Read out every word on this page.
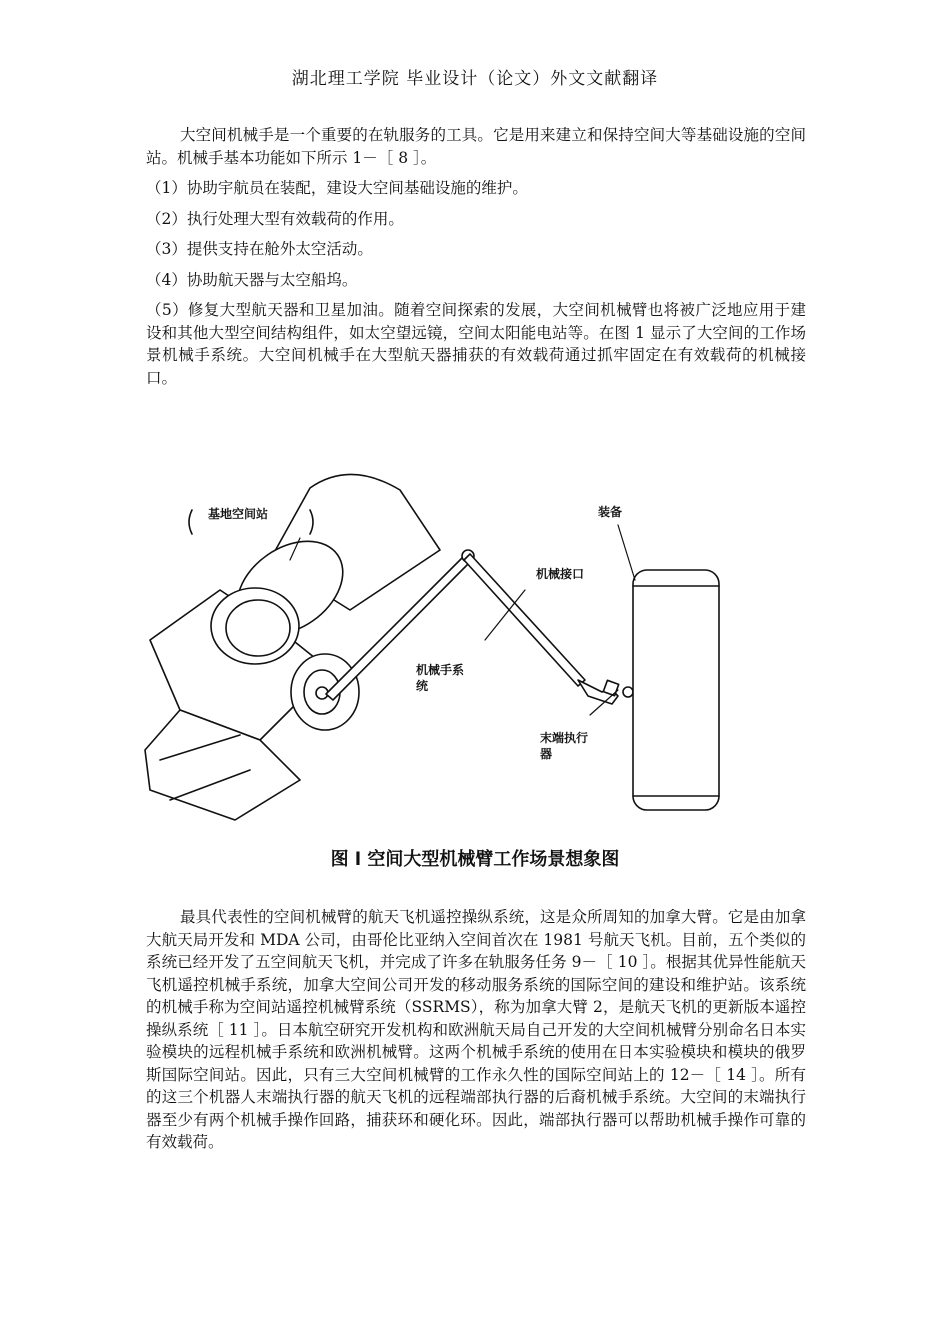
湖北理工学院 毕业设计（论文）外文文献翻译

大空间机械手是一个重要的在轨服务的工具。它是用来建立和保持空间大等基础设施的空间站。机械手基本功能如下所示 1－［ 8 ］。

（1）协助宇航员在装配，建设大空间基础设施的维护。

（2）执行处理大型有效载荷的作用。

（3）提供支持在舱外太空活动。

（4）协助航天器与太空船坞。

（5）修复大型航天器和卫星加油。随着空间探索的发展，大空间机械臂也将被广泛地应用于建设和其他大型空间结构组件，如太空望远镜，空间太阳能电站等。在图 1 显示了大空间的工作场景机械手系统。大空间机械手在大型航天器捕获的有效载荷通过抓牢固定在有效载荷的机械接口。

基地空间站	装备
机械接口
机械手系
统
末端执行
器
图 l 空间大型机械臂工作场景想象图

最具代表性的空间机械臂的航天飞机遥控操纵系统，这是众所周知的加拿大臂。它是由加拿大航天局开发和 MDA 公司，由哥伦比亚纳入空间首次在 1981 号航天飞机。目前，五个类似的系统已经开发了五空间航天飞机，并完成了许多在轨服务任务 9－［ 10 ］。根据其优异性能航天飞机遥控机械手系统，加拿大空间公司开发的移动服务系统的国际空间的建设和维护站。该系统的机械手称为空间站遥控机械臂系统（SSRMS），称为加拿大臂 2，是航天飞机的更新版本遥控操纵系统［ 11 ］。日本航空研究开发机构和欧洲航天局自己开发的大空间机械臂分别命名日本实验模块的远程机械手系统和欧洲机械臂。这两个机械手系统的使用在日本实验模块和模块的俄罗斯国际空间站。因此，只有三大空间机械臂的工作永久性的国际空间站上的 12－［ 14 ］。所有的这三个机器人末端执行器的航天飞机的远程端部执行器的后裔机械手系统。大空间的末端执行器至少有两个机械手操作回路，捕获环和硬化环。因此，端部执行器可以帮助机械手操作可靠的有效载荷。
